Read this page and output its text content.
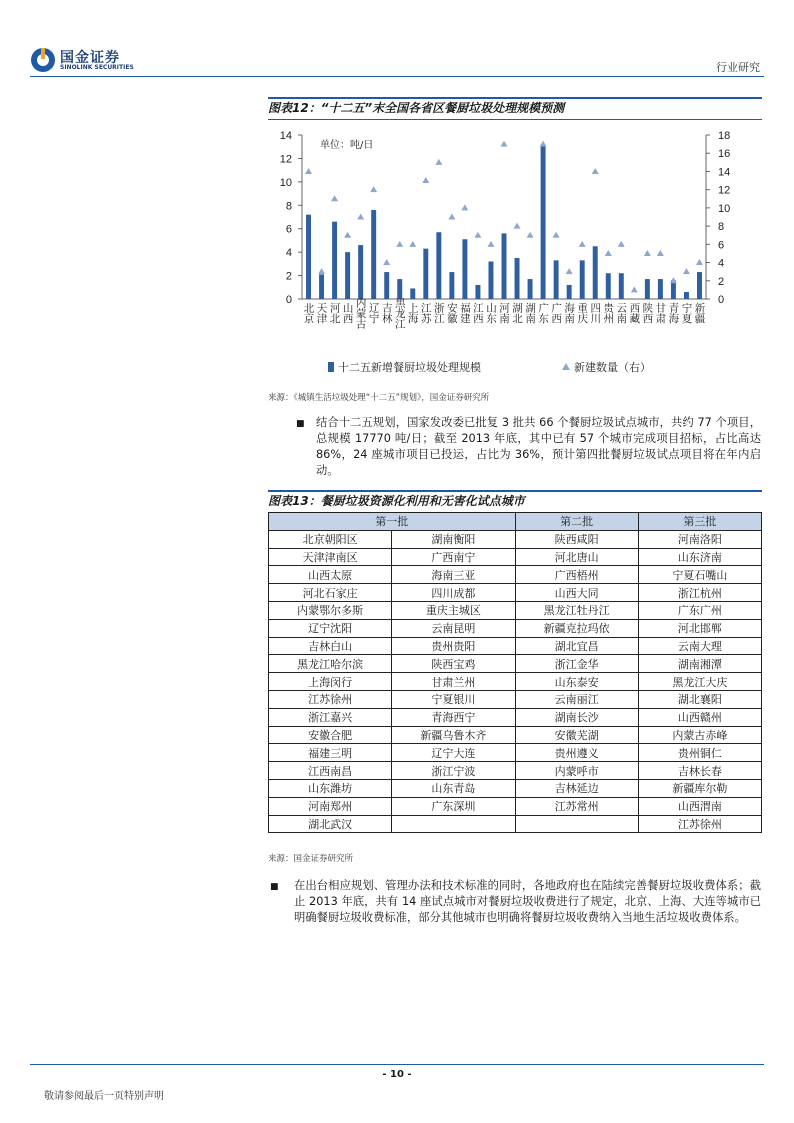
国金证券
SINOLINK SECURITIES	行业研究
图表12：“十二五”末全国各省区餐厨垃圾处理规模预测
0
2
4
6
8
10
12
14
0
2
4
6
8
10
12
14
16
18
单位：吨/日
北京 天津 河北 山西 内蒙古 辽宁 吉林 黑龙江 上海 江苏 浙江 安徽 福建 江西 山东 河南 湖北 湖南 广东 广西 海南 重庆 四川 贵州 云南 西藏 陕西 甘肃 青海 宁夏 新疆
十二五新增餐厨垃圾处理规模	新建数量（右）
来源：《城镇生活垃圾处理“十二五”规划》，国金证券研究所
■ 结合十二五规划，国家发改委已批复 3 批共 66 个餐厨垃圾试点城市，共约 77 个项目，总规模 17770 吨/日；截至 2013 年底，其中已有 57 个城市完成项目招标，占比高达 86%，24 座城市项目已投运，占比为 36%，预计第四批餐厨垃圾试点项目将在年内启动。
图表13：餐厨垃圾资源化利用和无害化试点城市
第一批		第二批	第三批
北京朝阳区	湖南衡阳	陕西咸阳	河南洛阳
天津津南区	广西南宁	河北唐山	山东济南
山西太原	海南三亚	广西梧州	宁夏石嘴山
河北石家庄	四川成都	山西大同	浙江杭州
内蒙鄂尔多斯	重庆主城区	黑龙江牡丹江	广东广州
辽宁沈阳	云南昆明	新疆克拉玛依	河北邯郸
吉林白山	贵州贵阳	湖北宜昌	云南大理
黑龙江哈尔滨	陕西宝鸡	浙江金华	湖南湘潭
上海闵行	甘肃兰州	山东泰安	黑龙江大庆
江苏徐州	宁夏银川	云南丽江	湖北襄阳
浙江嘉兴	青海西宁	湖南长沙	山西赣州
安徽合肥	新疆乌鲁木齐	安徽芜湖	内蒙古赤峰
福建三明	辽宁大连	贵州遵义	贵州铜仁
江西南昌	浙江宁波	内蒙呼市	吉林长春
山东潍坊	山东青岛	吉林延边	新疆库尔勒
河南郑州	广东深圳	江苏常州	山西渭南
湖北武汉			江苏徐州
来源：国金证券研究所
■ 在出台相应规划、管理办法和技术标准的同时，各地政府也在陆续完善餐厨垃圾收费体系；截止 2013 年底，共有 14 座试点城市对餐厨垃圾收费进行了规定，北京、上海、大连等城市已明确餐厨垃圾收费标准，部分其他城市也明确将餐厨垃圾收费纳入当地生活垃圾收费体系。
- 10 -
敬请参阅最后一页特别声明
